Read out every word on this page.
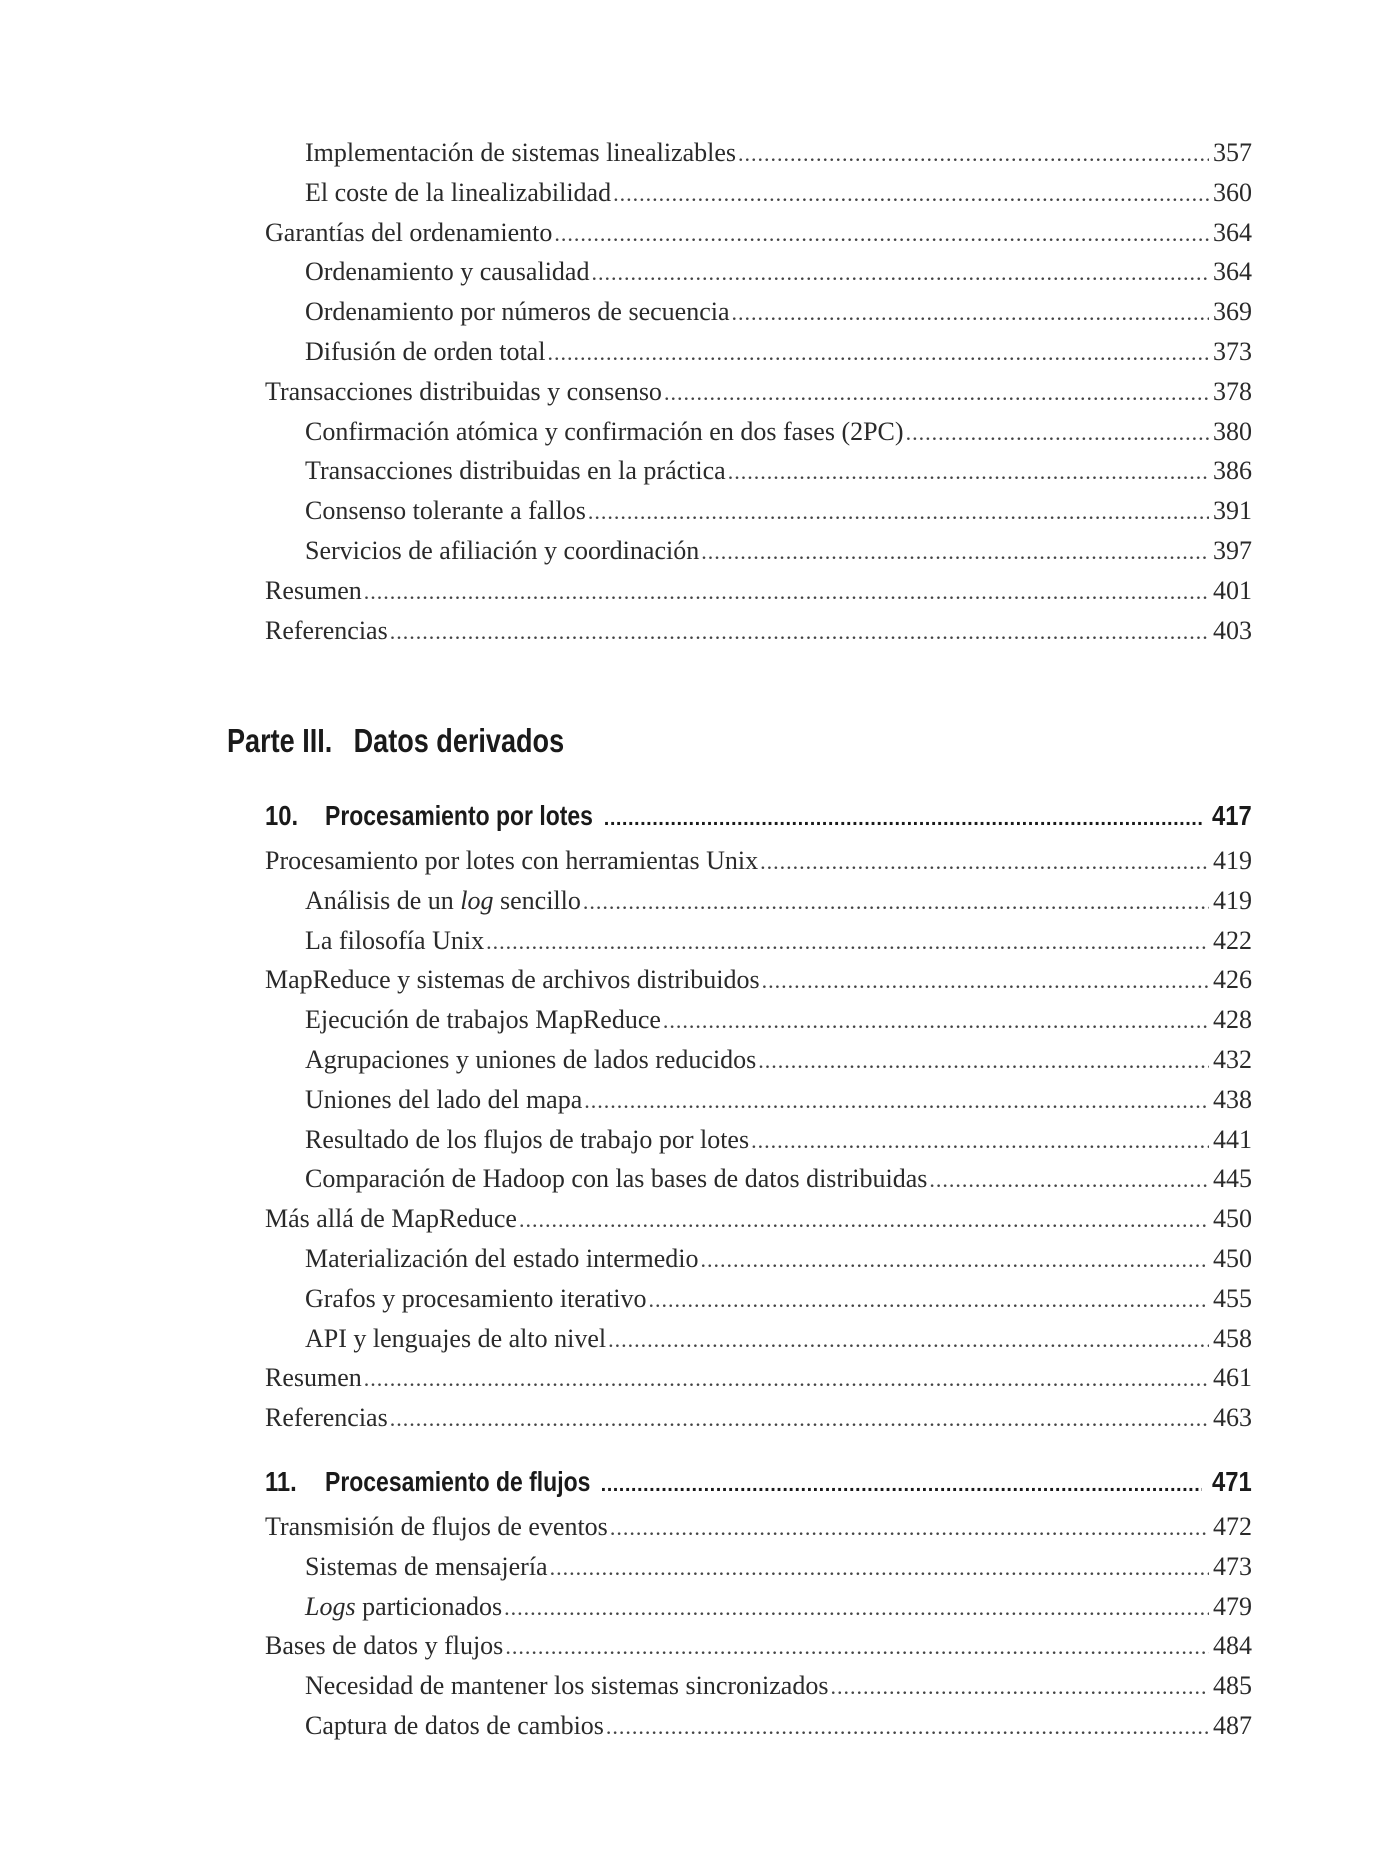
Implementación de sistemas linealizables .....	357
El coste de la linealizabilidad .....	360
Garantías del ordenamiento .....	364
Ordenamiento y causalidad .....	364
Ordenamiento por números de secuencia .....	369
Difusión de orden total .....	373
Transacciones distribuidas y consenso .....	378
Confirmación atómica y confirmación en dos fases (2PC) .....	380
Transacciones distribuidas en la práctica .....	386
Consenso tolerante a fallos .....	391
Servicios de afiliación y coordinación .....	397
Resumen .....	401
Referencias .....	403
Parte III. Datos derivados
10. Procesamiento por lotes .....	417
Procesamiento por lotes con herramientas Unix .....	419
Análisis de un log sencillo .....	419
La filosofía Unix .....	422
MapReduce y sistemas de archivos distribuidos .....	426
Ejecución de trabajos MapReduce .....	428
Agrupaciones y uniones de lados reducidos .....	432
Uniones del lado del mapa .....	438
Resultado de los flujos de trabajo por lotes .....	441
Comparación de Hadoop con las bases de datos distribuidas .....	445
Más allá de MapReduce .....	450
Materialización del estado intermedio .....	450
Grafos y procesamiento iterativo .....	455
API y lenguajes de alto nivel .....	458
Resumen .....	461
Referencias .....	463
11.	Procesamiento de flujos .....	471
Transmisión de flujos de eventos .....	472
Sistemas de mensajería .....	473
Logs particionados .....	479
Bases de datos y flujos .....	484
Necesidad de mantener los sistemas sincronizados .....	485
Captura de datos de cambios .....	487
